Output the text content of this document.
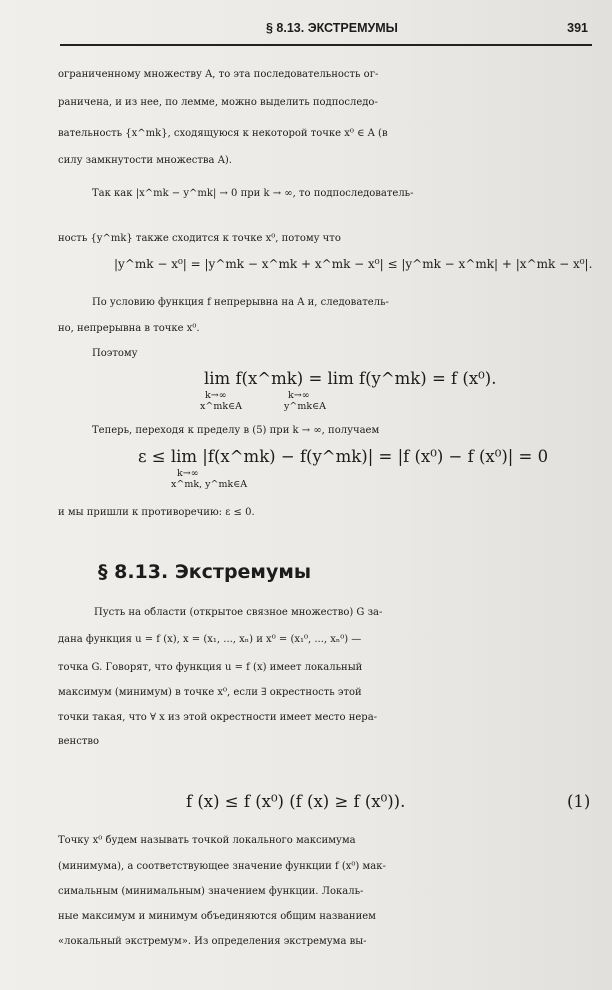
§ 8.13. ЭКСТРЕМУМЫ	391
ограниченному множеству A, то эта последовательность ог-
раничена, и из нее, по лемме, можно выделить подпоследо-
вательность {x^mk}, сходящуюся к некоторой точке x⁰ ∈ A (в
силу замкнутости множества A).
Так как |x^mk − y^mk| → 0 при k → ∞, то подпоследователь-
ность {y^mk} также сходится к точке x⁰, потому что
|y^mk − x⁰| = |y^mk − x^mk + x^mk − x⁰| ≤ |y^mk − x^mk| + |x^mk − x⁰|.
По условию функция f непрерывна на A и, следователь-
но, непрерывна в точке x⁰.
Поэтому
lim f(x^mk) = lim f(y^mk) = f (x⁰).
k→∞
x^mk∈A
k→∞
y^mk∈A
Теперь, переходя к пределу в (5) при k → ∞, получаем
ε ≤ lim |f(x^mk) − f(y^mk)| = |f (x⁰) − f (x⁰)| = 0
k→∞
x^mk, y^mk∈A
и мы пришли к противоречию: ε ≤ 0.
§ 8.13. Экстремумы
Пусть на области (открытое связное множество) G за-
дана функция u = f (x), x = (x₁, ..., xₙ) и x⁰ = (x₁⁰, ..., xₙ⁰) —
точка G. Говорят, что функция u = f (x) имеет локальный
максимум (минимум) в точке x⁰, если ∃ окрестность этой
точки такая, что ∀ x из этой окрестности имеет место нера-
венство
f (x) ≤ f (x⁰) (f (x) ≥ f (x⁰)).	(1)
Точку x⁰ будем называть точкой локального максимума
(минимума), а соответствующее значение функции f (x⁰) мак-
симальным (минимальным) значением функции. Локаль-
ные максимум и минимум объединяются общим названием
«локальный экстремум». Из определения экстремума вы-
